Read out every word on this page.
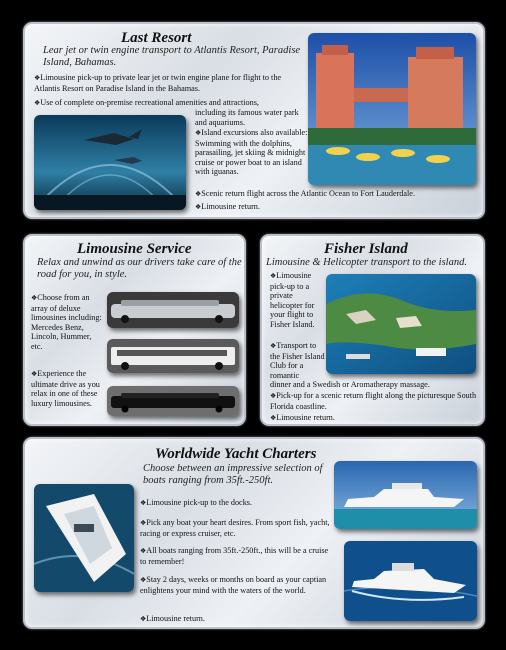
Last Resort
Lear jet or twin engine transport to Atlantis Resort, Paradise Island, Bahamas.
❖Limousine pick-up to private lear jet or twin engine plane for flight to the Atlantis Resort on Paradise Island in the Bahamas.
❖Use of complete on-premise recreational amenities and attractions,
including its famous water park and aquariums.
❖Island excursions also available: Swimming with the dolphins, parasailing, jet skiing & midnight cruise or power boat to an island with iguanas.
❖Scenic return flight across the Atlantic Ocean to Fort Lauderdale.
❖Limousine return.
Limousine Service
Relax and unwind as our drivers take care of the road for you, in style.
❖Choose from an array of deluxe limousines including: Mercedes Benz, Lincoln, Hummer, etc.
❖Experience the ultimate drive as you relax in one of these luxury limousines.
Fisher Island
Limousine & Helicopter transport to the island.
❖Limousine pick-up to a private helicopter for your flight to Fisher Island.
❖Transport to the Fisher Island Club for a romantic
dinner and a Swedish or Aromatherapy massage.
❖Pick-up for a scenic return flight along the picturesque South Florida coastline.
❖Limousine return.
Worldwide Yacht Charters
Choose between an impressive selection of boats ranging from 35ft.-250ft.
❖Limousine pick-up to the docks.
❖Pick any boat your heart desires. From sport fish, yacht, racing or express cruiser, etc.
❖All boats ranging from 35ft.-250ft., this will be a cruise to remember!
❖Stay 2 days, weeks or months on board as your captian enlightens your mind with the waters of the world.
❖Limousine return.
